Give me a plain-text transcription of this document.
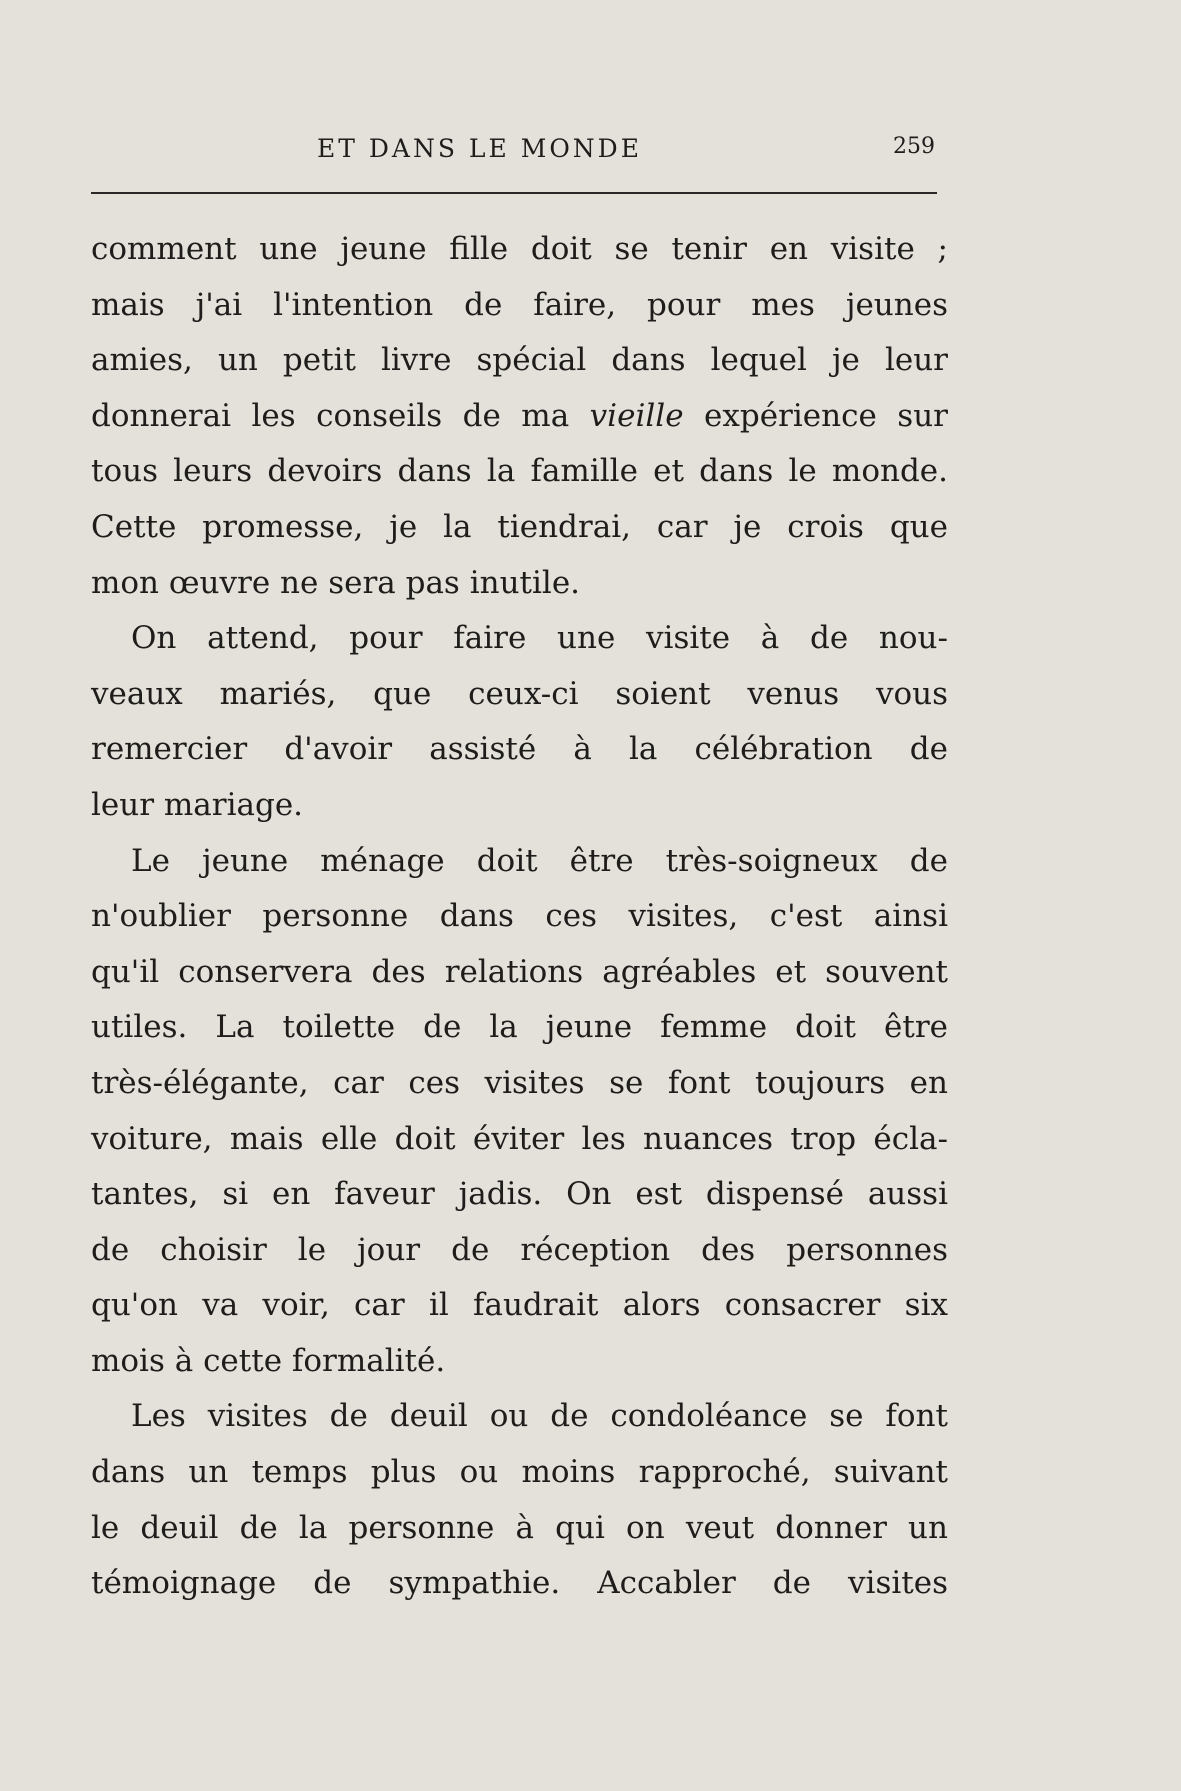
ET DANS LE MONDE	259
comment une jeune fille doit se tenir en visite ;
mais j'ai l'intention de faire, pour mes jeunes
amies, un petit livre spécial dans lequel je leur
donnerai les conseils de ma vieille expérience sur
tous leurs devoirs dans la famille et dans le monde.
Cette promesse, je la tiendrai, car je crois que
mon œuvre ne sera pas inutile.
On attend, pour faire une visite à de nou-
veaux mariés, que ceux-ci soient venus vous
remercier d'avoir assisté à la célébration de
leur mariage.
Le jeune ménage doit être très-soigneux de
n'oublier personne dans ces visites, c'est ainsi
qu'il conservera des relations agréables et souvent
utiles. La toilette de la jeune femme doit être
très-élégante, car ces visites se font toujours en
voiture, mais elle doit éviter les nuances trop écla-
tantes, si en faveur jadis. On est dispensé aussi
de choisir le jour de réception des personnes
qu'on va voir, car il faudrait alors consacrer six
mois à cette formalité.
Les visites de deuil ou de condoléance se font
dans un temps plus ou moins rapproché, suivant
le deuil de la personne à qui on veut donner un
témoignage de sympathie. Accabler de visites
